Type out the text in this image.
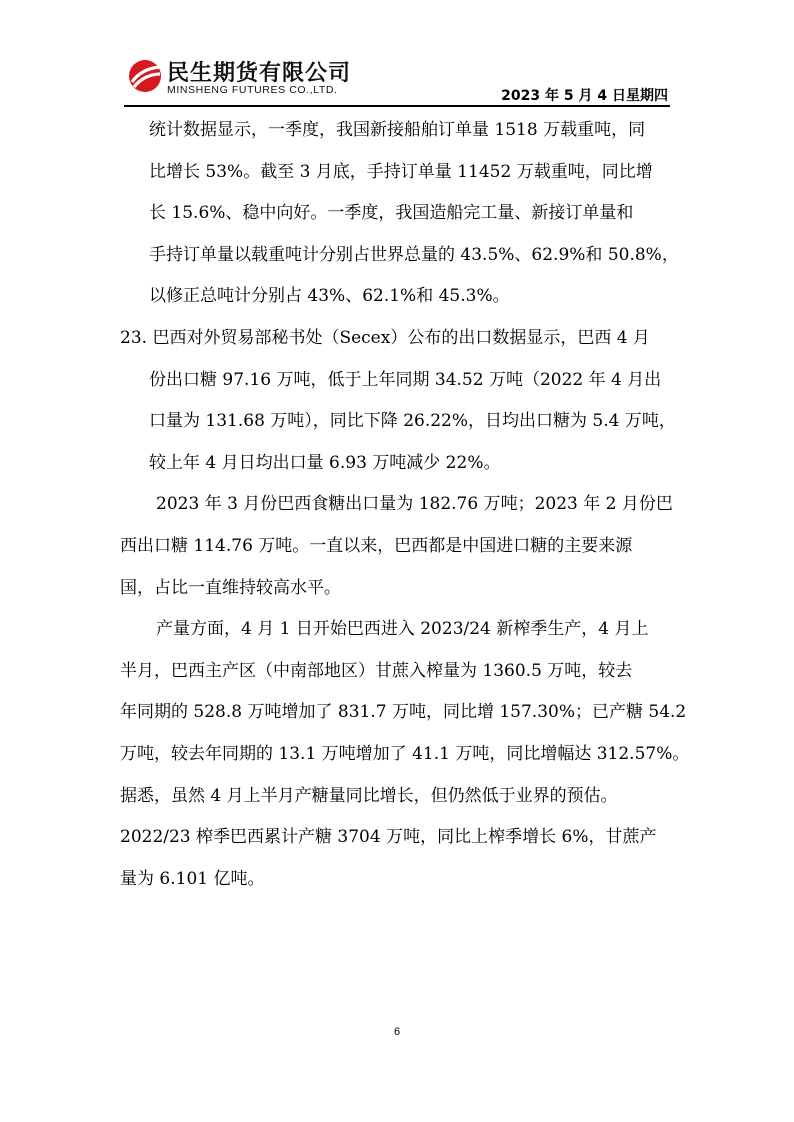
民生期货有限公司
MINSHENG FUTURES CO.,LTD.	2023 年 5 月 4 日星期四
统计数据显示，一季度，我国新接船舶订单量 1518 万载重吨，同
比增长 53%。截至 3 月底，手持订单量 11452 万载重吨，同比增
长 15.6%、稳中向好。一季度，我国造船完工量、新接订单量和
手持订单量以载重吨计分别占世界总量的 43.5%、62.9%和 50.8%，
以修正总吨计分别占 43%、62.1%和 45.3%。
23. 巴西对外贸易部秘书处（Secex）公布的出口数据显示，巴西 4 月
份出口糖 97.16 万吨，低于上年同期 34.52 万吨（2022 年 4 月出
口量为 131.68 万吨），同比下降 26.22%，日均出口糖为 5.4 万吨，
较上年 4 月日均出口量 6.93 万吨减少 22%。
2023 年 3 月份巴西食糖出口量为 182.76 万吨；2023 年 2 月份巴
西出口糖 114.76 万吨。一直以来，巴西都是中国进口糖的主要来源
国，占比一直维持较高水平。
产量方面，4 月 1 日开始巴西进入 2023/24 新榨季生产，4 月上
半月，巴西主产区（中南部地区）甘蔗入榨量为 1360.5 万吨，较去
年同期的 528.8 万吨增加了 831.7 万吨，同比增 157.30%；已产糖 54.2
万吨，较去年同期的 13.1 万吨增加了 41.1 万吨，同比增幅达 312.57%。
据悉，虽然 4 月上半月产糖量同比增长，但仍然低于业界的预估。
2022/23 榨季巴西累计产糖 3704 万吨，同比上榨季增长 6%，甘蔗产
量为 6.101 亿吨。
6
